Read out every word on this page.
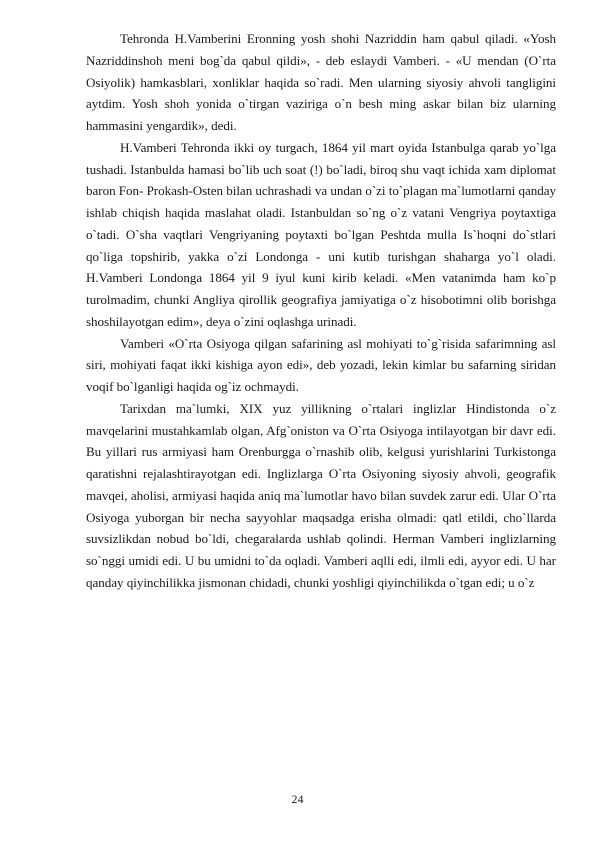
Tehronda H.Vamberini Eronning yosh shohi Nazriddin ham qabul qiladi. «Yosh Nazriddinshoh meni bog`da qabul qildi», - deb eslaydi Vamberi. - «U mendan (O`rta Osiyolik) hamkasblari, xonliklar haqida so`radi. Men ularning siyosiy ahvoli tangligini aytdim. Yosh shoh yonida o`tirgan vaziriga o`n besh ming askar bilan biz ularning hammasini yengardik», dedi.

H.Vamberi Tehronda ikki oy turgach, 1864 yil mart oyida Istanbulga qarab yo`lga tushadi. Istanbulda hamasi bo`lib uch soat (!) bo`ladi, biroq shu vaqt ichida xam diplomat baron Fon- Prokash-Osten bilan uchrashadi va undan o`zi to`plagan ma`lumotlarni qanday ishlab chiqish haqida maslahat oladi. Istanbuldan so`ng o`z vatani Vengriya poytaxtiga o`tadi. O`sha vaqtlari Vengriyaning poytaxti bo`lgan Peshtda mulla Is`hoqni do`stlari qo`liga topshirib, yakka o`zi Londonga - uni kutib turishgan shaharga yo`l oladi. H.Vamberi Londonga 1864 yil 9 iyul kuni kirib keladi. «Men vatanimda ham ko`p turolmadim, chunki Angliya qirollik geografiya jamiyatiga o`z hisobotimni olib borishga shoshilayotgan edim», deya o`zini oqlashga urinadi.

Vamberi «O`rta Osiyoga qilgan safarining asl mohiyati to`g`risida safarimning asl siri, mohiyati faqat ikki kishiga ayon edi», deb yozadi, lekin kimlar bu safarning siridan voqif bo`lganligi haqida og`iz ochmaydi.

Tarixdan ma`lumki, XIX yuz yillikning o`rtalari inglizlar Hindistonda o`z mavqelarini mustahkamlab olgan, Afg`oniston va O`rta Osiyoga intilayotgan bir davr edi. Bu yillari rus armiyasi ham Orenburgga o`rnashib olib, kelgusi yurishlarini Turkistonga qaratishni rejalashtirayotgan edi. Inglizlarga O`rta Osiyoning siyosiy ahvoli, geografik mavqei, aholisi, armiyasi haqida aniq ma`lumotlar havo bilan suvdek zarur edi. Ular O`rta Osiyoga yuborgan bir necha sayyohlar maqsadga erisha olmadi: qatl etildi, cho`llarda suvsizlikdan nobud bo`ldi, chegaralarda ushlab qolindi. Herman Vamberi inglizlarning so`nggi umidi edi. U bu umidni to`da oqladi. Vamberi aqlli edi, ilmli edi, ayyor edi. U har qanday qiyinchilikka jismonan chidadi, chunki yoshligi qiyinchilikda o`tgan edi; u o`z

24
